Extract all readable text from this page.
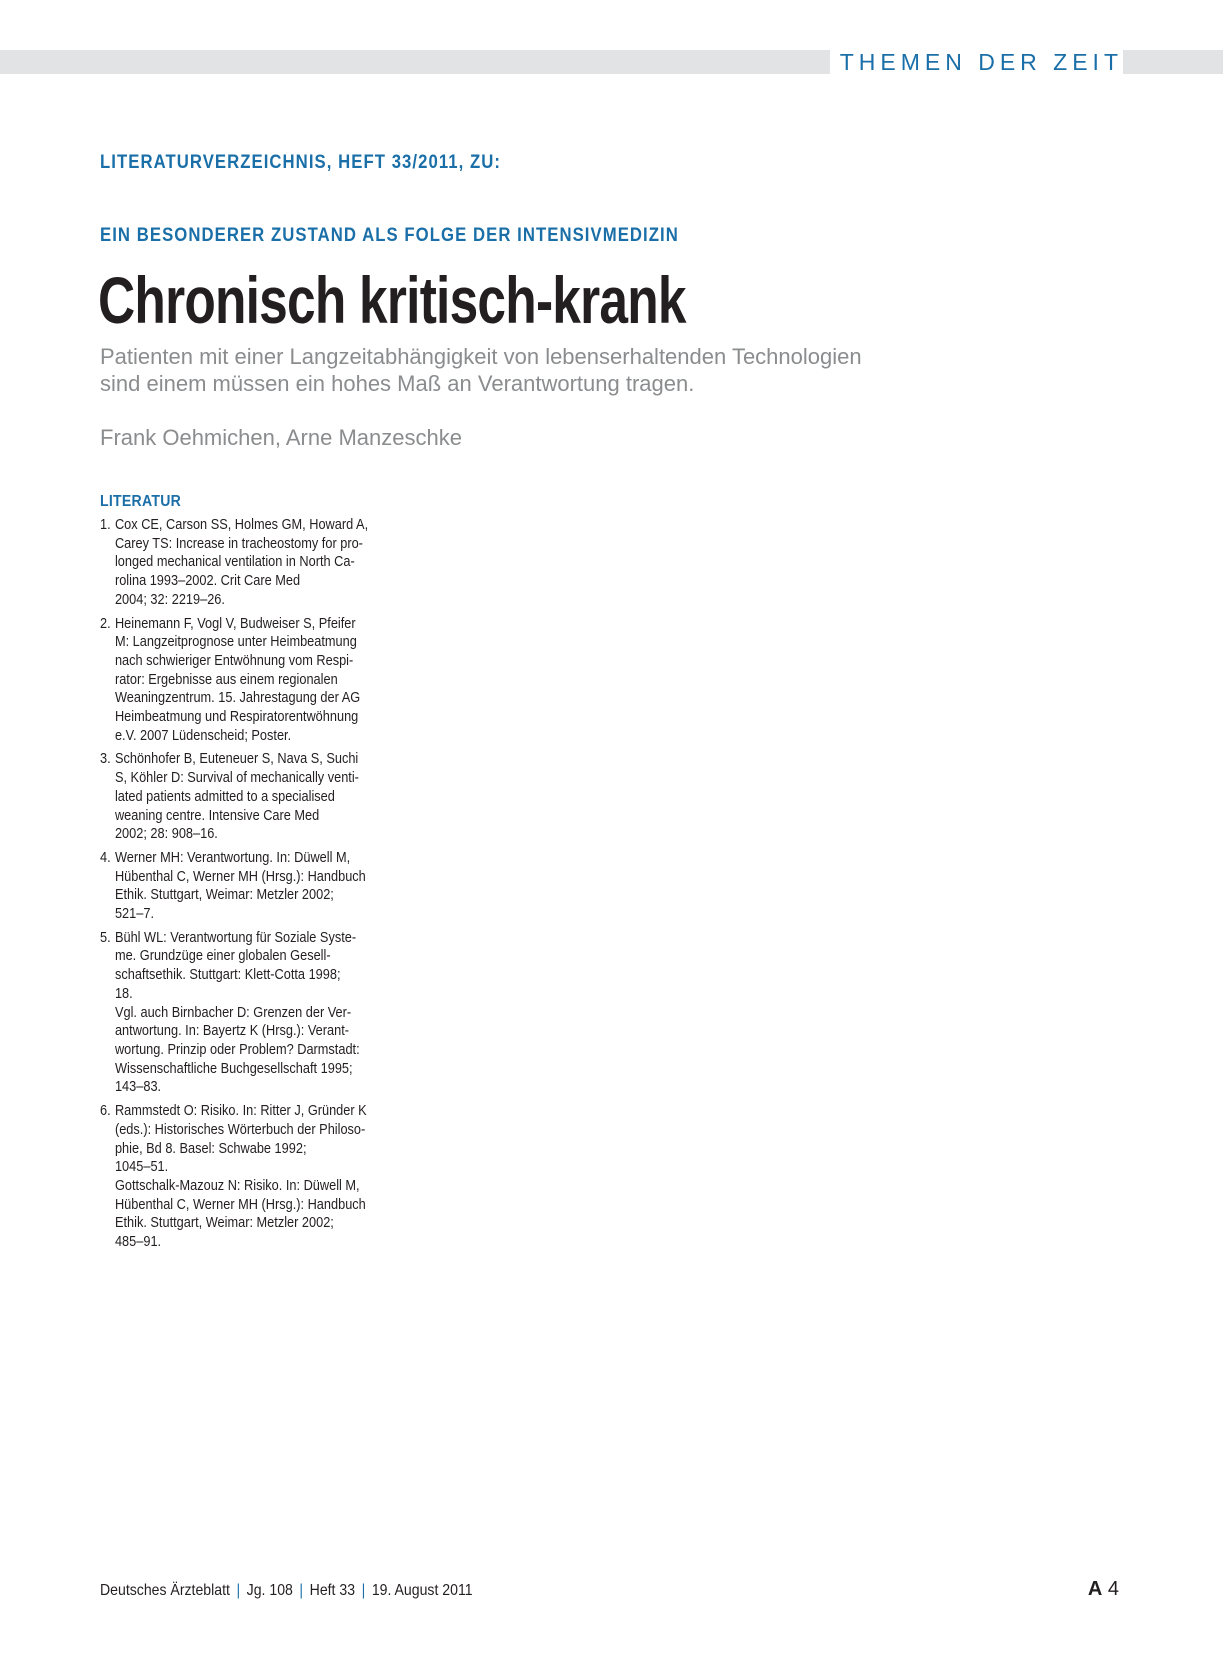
THEMEN DER ZEIT
LITERATURVERZEICHNIS, HEFT 33/2011, ZU:
EIN BESONDERER ZUSTAND ALS FOLGE DER INTENSIVMEDIZIN
Chronisch kritisch-krank
Patienten mit einer Langzeitabhängigkeit von lebenserhaltenden Technologien
sind einem müssen ein hohes Maß an Verantwortung tragen.
Frank Oehmichen, Arne Manzeschke
LITERATUR
1. Cox CE, Carson SS, Holmes GM, Howard A,
Carey TS: Increase in tracheostomy for pro-
longed mechanical ventilation in North Ca-
rolina 1993–2002. Crit Care Med
2004; 32: 2219–26.
2. Heinemann F, Vogl V, Budweiser S, Pfeifer
M: Langzeitprognose unter Heimbeatmung
nach schwieriger Entwöhnung vom Respi-
rator: Ergebnisse aus einem regionalen
Weaningzentrum. 15. Jahrestagung der AG
Heimbeatmung und Respiratorentwöhnung
e.V. 2007 Lüdenscheid; Poster.
3. Schönhofer B, Euteneuer S, Nava S, Suchi
S, Köhler D: Survival of mechanically venti-
lated patients admitted to a specialised
weaning centre. Intensive Care Med
2002; 28: 908–16.
4. Werner MH: Verantwortung. In: Düwell M,
Hübenthal C, Werner MH (Hrsg.): Handbuch
Ethik. Stuttgart, Weimar: Metzler 2002;
521–7.
5. Bühl WL: Verantwortung für Soziale Syste-
me. Grundzüge einer globalen Gesell-
schaftsethik. Stuttgart: Klett-Cotta 1998;
18.
Vgl. auch Birnbacher D: Grenzen der Ver-
antwortung. In: Bayertz K (Hrsg.): Verant-
wortung. Prinzip oder Problem? Darmstadt:
Wissenschaftliche Buchgesellschaft 1995;
143–83.
6. Rammstedt O: Risiko. In: Ritter J, Gründer K
(eds.): Historisches Wörterbuch der Philoso-
phie, Bd 8. Basel: Schwabe 1992;
1045–51.
Gottschalk-Mazouz N: Risiko. In: Düwell M,
Hübenthal C, Werner MH (Hrsg.): Handbuch
Ethik. Stuttgart, Weimar: Metzler 2002;
485–91.
Deutsches Ärzteblatt | Jg. 108 | Heft 33 | 19. August 2011	A 4
